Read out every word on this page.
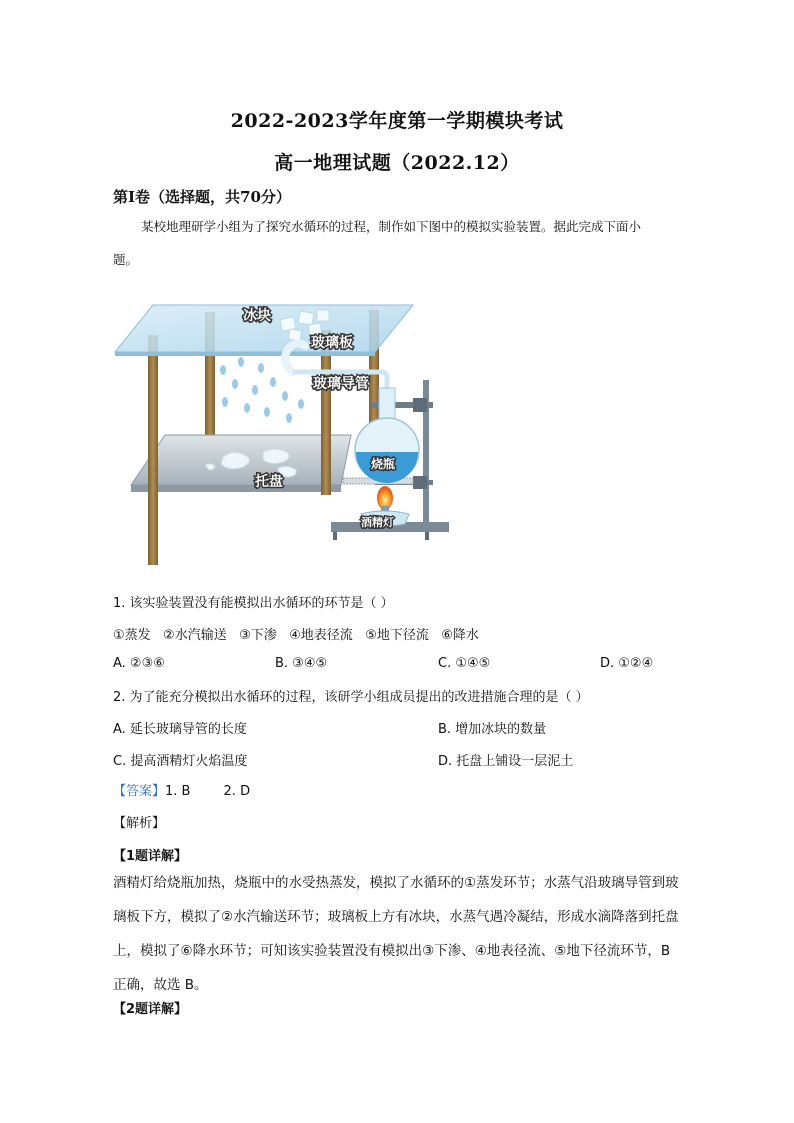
2022-2023学年度第一学期模块考试
高一地理试题（2022.12）
第Ⅰ卷（选择题，共70分）
某校地理研学小组为了探究水循环的过程，制作如下图中的模拟实验装置。据此完成下面小
题。
冰块
玻璃板
玻璃导管
烧瓶
托盘
酒精灯
1. 该实验装置没有能模拟出水循环的环节是（ ）
①蒸发   ②水汽输送   ③下渗   ④地表径流   ⑤地下径流   ⑥降水
A. ②③⑥	B. ③④⑤	C. ①④⑤	D. ①②④
2. 为了能充分模拟出水循环的过程，该研学小组成员提出的改进措施合理的是（ ）
A. 延长玻璃导管的长度	B. 增加冰块的数量
C. 提高酒精灯火焰温度	D. 托盘上铺设一层泥土
【答案】1. B        2. D
【解析】
【1题详解】
酒精灯给烧瓶加热，烧瓶中的水受热蒸发，模拟了水循环的①蒸发环节；水蒸气沿玻璃导管到玻
璃板下方，模拟了②水汽输送环节；玻璃板上方有冰块，水蒸气遇冷凝结，形成水滴降落到托盘
上，模拟了⑥降水环节；可知该实验装置没有模拟出③下渗、④地表径流、⑤地下径流环节，B
正确，故选 B。
【2题详解】
